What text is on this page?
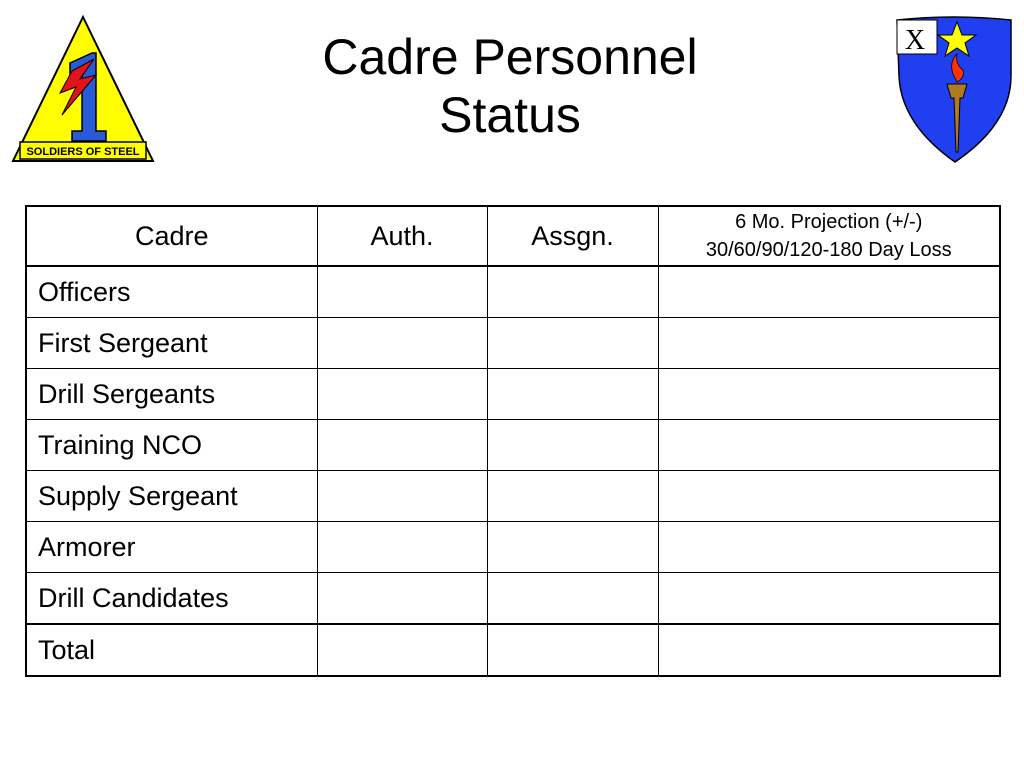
SOLDIERS OF STEEL
Cadre Personnel
Status
X
Cadre	Auth.	Assgn.	6 Mo. Projection (+/-)
30/60/90/120-180 Day Loss

Officers			
First Sergeant			
Drill Sergeants			
Training NCO			
Supply Sergeant			
Armorer			
Drill Candidates			
Total			
